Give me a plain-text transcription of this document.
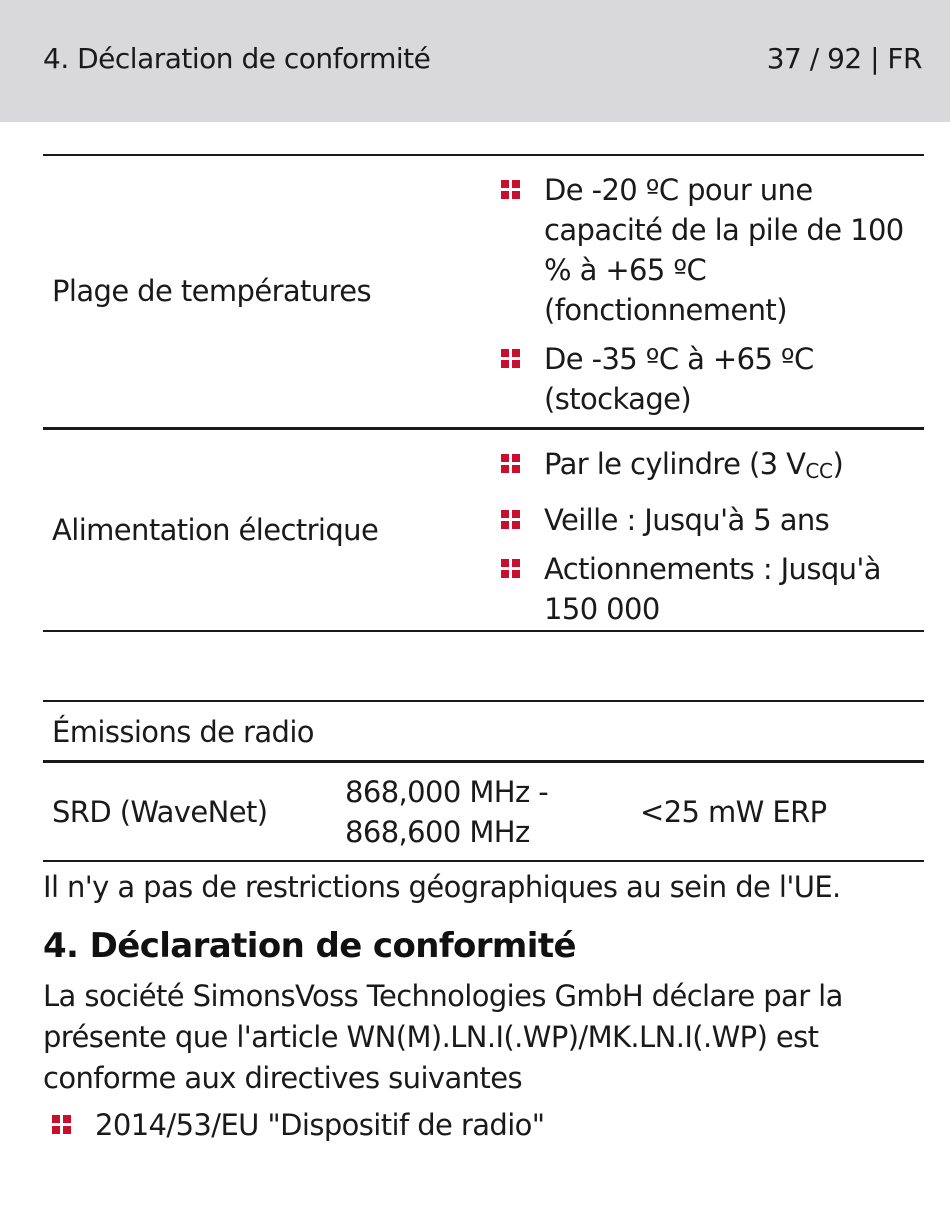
4. Déclaration de conformité	37 / 92 | FR
Plage de températures
De -20 ºC pour une capacité de la pile de 100 % à +65 ºC (fonctionnement)
De -35 ºC à +65 ºC (stockage)
Alimentation électrique
Par le cylindre (3 $V_{CC}$)
Veille : Jusqu'à 5 ans
Actionnements : Jusqu'à 150 000
Émissions de radio
SRD (WaveNet)
868,000 MHz - 868,600 MHz
<25 mW ERP
Il n'y a pas de restrictions géographiques au sein de l'UE.
4. Déclaration de conformité
La société SimonsVoss Technologies GmbH déclare par la présente que l'article WN(M).LN.I(.WP)/MK.LN.I(.WP) est conforme aux directives suivantes
2014/53/EU "Dispositif de radio"
